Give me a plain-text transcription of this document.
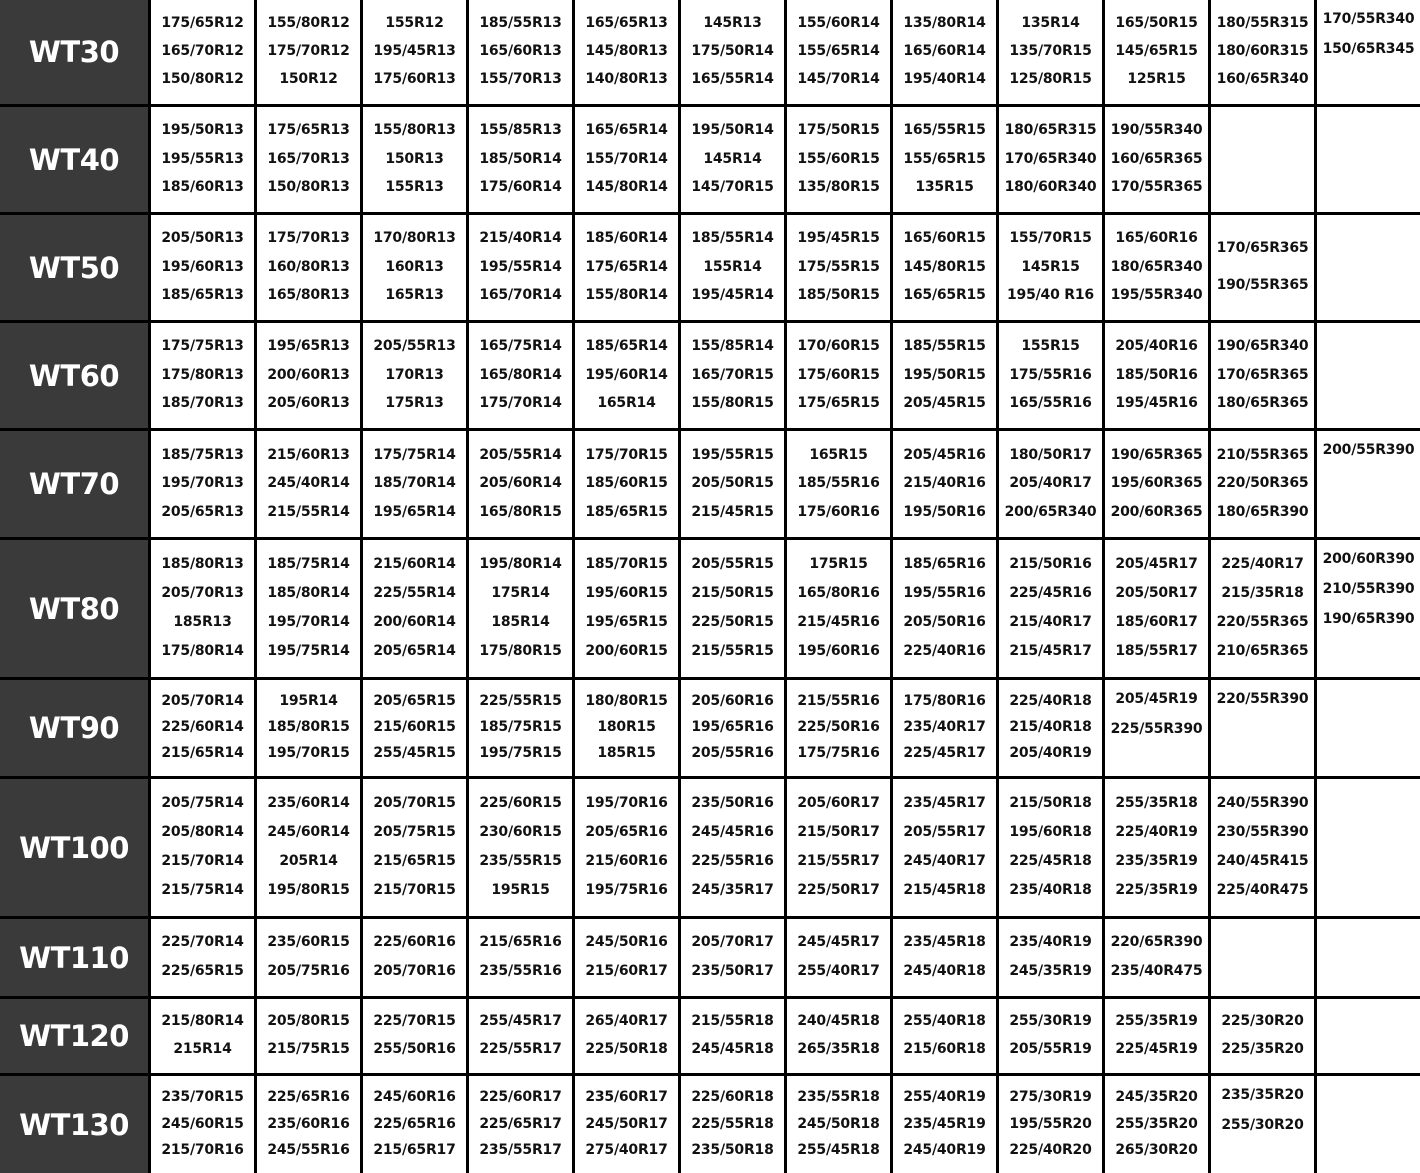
WT30
175/65R12
165/70R12
150/80R12
155/80R12
175/70R12
150R12
155R12
195/45R13
175/60R13
185/55R13
165/60R13
155/70R13
165/65R13
145/80R13
140/80R13
145R13
175/50R14
165/55R14
155/60R14
155/65R14
145/70R14
135/80R14
165/60R14
195/40R14
135R14
135/70R15
125/80R15
165/50R15
145/65R15
125R15
180/55R315
180/60R315
160/65R340
170/55R340
150/65R345
WT40
195/50R13
195/55R13
185/60R13
175/65R13
165/70R13
150/80R13
155/80R13
150R13
155R13
155/85R13
185/50R14
175/60R14
165/65R14
155/70R14
145/80R14
195/50R14
145R14
145/70R15
175/50R15
155/60R15
135/80R15
165/55R15
155/65R15
135R15
180/65R315
170/65R340
180/60R340
190/55R340
160/65R365
170/55R365
WT50
205/50R13
195/60R13
185/65R13
175/70R13
160/80R13
165/80R13
170/80R13
160R13
165R13
215/40R14
195/55R14
165/70R14
185/60R14
175/65R14
155/80R14
185/55R14
155R14
195/45R14
195/45R15
175/55R15
185/50R15
165/60R15
145/80R15
165/65R15
155/70R15
145R15
195/40 R16
165/60R16
180/65R340
195/55R340
170/65R365
190/55R365
WT60
175/75R13
175/80R13
185/70R13
195/65R13
200/60R13
205/60R13
205/55R13
170R13
175R13
165/75R14
165/80R14
175/70R14
185/65R14
195/60R14
165R14
155/85R14
165/70R15
155/80R15
170/60R15
175/60R15
175/65R15
185/55R15
195/50R15
205/45R15
155R15
175/55R16
165/55R16
205/40R16
185/50R16
195/45R16
190/65R340
170/65R365
180/65R365
WT70
185/75R13
195/70R13
205/65R13
215/60R13
245/40R14
215/55R14
175/75R14
185/70R14
195/65R14
205/55R14
205/60R14
165/80R15
175/70R15
185/60R15
185/65R15
195/55R15
205/50R15
215/45R15
165R15
185/55R16
175/60R16
205/45R16
215/40R16
195/50R16
180/50R17
205/40R17
200/65R340
190/65R365
195/60R365
200/60R365
210/55R365
220/50R365
180/65R390
200/55R390
WT80
185/80R13
205/70R13
185R13
175/80R14
185/75R14
185/80R14
195/70R14
195/75R14
215/60R14
225/55R14
200/60R14
205/65R14
195/80R14
175R14
185R14
175/80R15
185/70R15
195/60R15
195/65R15
200/60R15
205/55R15
215/50R15
225/50R15
215/55R15
175R15
165/80R16
215/45R16
195/60R16
185/65R16
195/55R16
205/50R16
225/40R16
215/50R16
225/45R16
215/40R17
215/45R17
205/45R17
205/50R17
185/60R17
185/55R17
225/40R17
215/35R18
220/55R365
210/65R365
200/60R390
210/55R390
190/65R390
WT90
205/70R14
225/60R14
215/65R14
195R14
185/80R15
195/70R15
205/65R15
215/60R15
255/45R15
225/55R15
185/75R15
195/75R15
180/80R15
180R15
185R15
205/60R16
195/65R16
205/55R16
215/55R16
225/50R16
175/75R16
175/80R16
235/40R17
225/45R17
225/40R18
215/40R18
205/40R19
205/45R19
225/55R390
220/55R390
WT100
205/75R14
205/80R14
215/70R14
215/75R14
235/60R14
245/60R14
205R14
195/80R15
205/70R15
205/75R15
215/65R15
215/70R15
225/60R15
230/60R15
235/55R15
195R15
195/70R16
205/65R16
215/60R16
195/75R16
235/50R16
245/45R16
225/55R16
245/35R17
205/60R17
215/50R17
215/55R17
225/50R17
235/45R17
205/55R17
245/40R17
215/45R18
215/50R18
195/60R18
225/45R18
235/40R18
255/35R18
225/40R19
235/35R19
225/35R19
240/55R390
230/55R390
240/45R415
225/40R475
WT110	225/70R14
225/65R15
235/60R15
205/75R16
225/60R16
205/70R16
215/65R16
235/55R16
245/50R16
215/60R17
205/70R17
235/50R17
245/45R17
255/40R17
235/45R18
245/40R18
235/40R19
245/35R19
220/65R390
235/40R475
WT120	215/80R14
215R14
205/80R15
215/75R15
225/70R15
255/50R16
255/45R17
225/55R17
265/40R17
225/50R18
215/55R18
245/45R18
240/45R18
265/35R18
255/40R18
215/60R18
255/30R19
205/55R19
255/35R19
225/45R19
225/30R20
225/35R20
WT130
235/70R15
245/60R15
215/70R16
225/65R16
235/60R16
245/55R16
245/60R16
225/65R16
215/65R17
225/60R17
225/65R17
235/55R17
235/60R17
245/50R17
275/40R17
225/60R18
225/55R18
235/50R18
235/55R18
245/50R18
255/45R18
255/40R19
235/45R19
245/40R19
275/30R19
195/55R20
225/40R20
245/35R20
255/35R20
265/30R20
235/35R20
255/30R20
